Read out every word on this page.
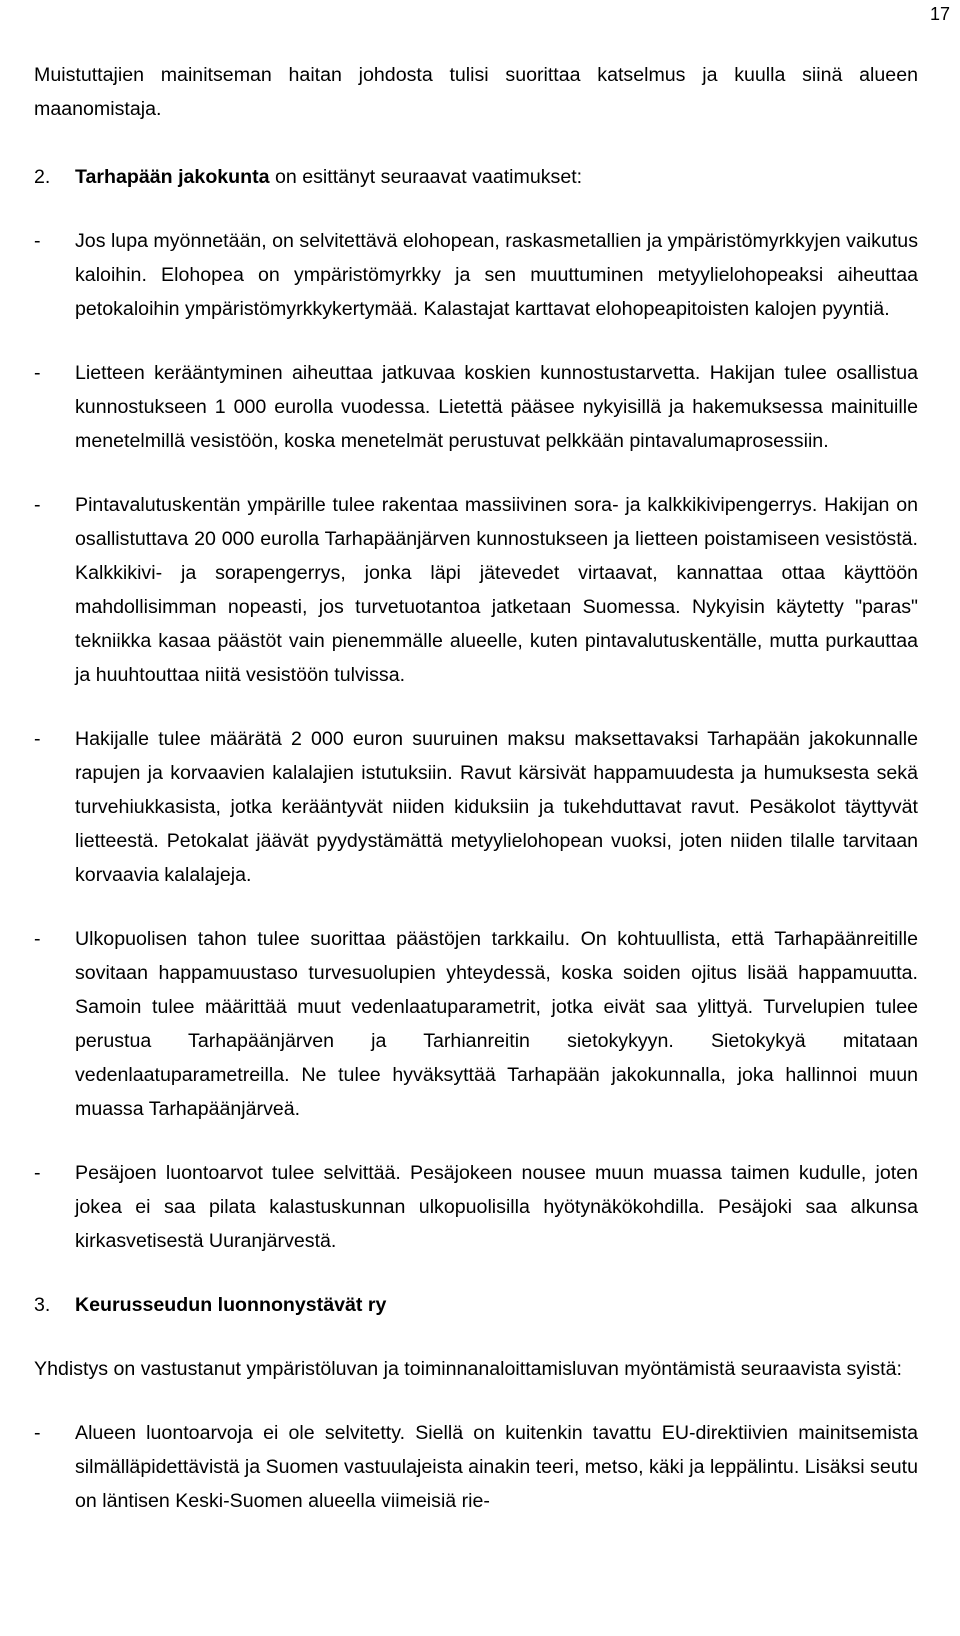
17

Muistuttajien mainitseman haitan johdosta tulisi suorittaa katselmus ja kuulla siinä alueen maanomistaja.

2. Tarhapään jakokunta on esittänyt seuraavat vaatimukset:

- Jos lupa myönnetään, on selvitettävä elohopean, raskasmetallien ja ympäristömyrkkyjen vaikutus kaloihin. Elohopea on ympäristömyrkky ja sen muuttuminen metyylielohopeaksi aiheuttaa petokaloihin ympäristömyrkkykertymää. Kalastajat karttavat elohopeapitoisten kalojen pyyntiä.

- Lietteen kerääntyminen aiheuttaa jatkuvaa koskien kunnostustarvetta. Hakijan tulee osallistua kunnostukseen 1 000 eurolla vuodessa. Lietettä pääsee nykyisillä ja hakemuksessa mainituille menetelmillä vesistöön, koska menetelmät perustuvat pelkkään pintavalumaprosessiin.

- Pintavalutuskentän ympärille tulee rakentaa massiivinen sora- ja kalkkikivipengerrys. Hakijan on osallistuttava 20 000 eurolla Tarhapäänjärven kunnostukseen ja lietteen poistamiseen vesistöstä. Kalkkikivi- ja sorapengerrys, jonka läpi jätevedet virtaavat, kannattaa ottaa käyttöön mahdollisimman nopeasti, jos turvetuotantoa jatketaan Suomessa. Nykyisin käytetty "paras" tekniikka kasaa päästöt vain pienemmälle alueelle, kuten pintavalutuskentälle, mutta purkauttaa ja huuhtouttaa niitä vesistöön tulvissa.

- Hakijalle tulee määrätä 2 000 euron suuruinen maksu maksettavaksi Tarhapään jakokunnalle rapujen ja korvaavien kalalajien istutuksiin. Ravut kärsivät happamuudesta ja humuksesta sekä turvehiukkasista, jotka kerääntyvät niiden kiduksiin ja tukehduttavat ravut. Pesäkolot täyttyvät lietteestä. Petokalat jäävät pyydystämättä metyylielohopean vuoksi, joten niiden tilalle tarvitaan korvaavia kalalajeja.

- Ulkopuolisen tahon tulee suorittaa päästöjen tarkkailu. On kohtuullista, että Tarhapäänreitille sovitaan happamuustaso turvesuolupien yhteydessä, koska soiden ojitus lisää happamuutta. Samoin tulee määrittää muut vedenlaatuparametrit, jotka eivät saa ylittyä. Turvelupien tulee perustua Tarhapäänjärven ja Tarhianreitin sietokykyyn. Sietokykyä mitataan vedenlaatuparametreilla. Ne tulee hyväksyttää Tarhapään jakokunnalla, joka hallinnoi muun muassa Tarhapäänjärveä.

- Pesäjoen luontoarvot tulee selvittää. Pesäjokeen nousee muun muassa taimen kudulle, joten jokea ei saa pilata kalastuskunnan ulkopuolisilla hyötynäkökohdilla. Pesäjoki saa alkunsa kirkasvetisestä Uuranjärvestä.

3. Keurusseudun luonnonystävät ry

Yhdistys on vastustanut ympäristöluvan ja toiminnanaloittamisluvan myöntämistä seuraavista syistä:

- Alueen luontoarvoja ei ole selvitetty. Siellä on kuitenkin tavattu EU-direktiivien mainitsemista silmälläpidettävistä ja Suomen vastuulajeista ainakin teeri, metso, käki ja leppälintu. Lisäksi seutu on läntisen Keski-Suomen alueella viimeisiä rie-
